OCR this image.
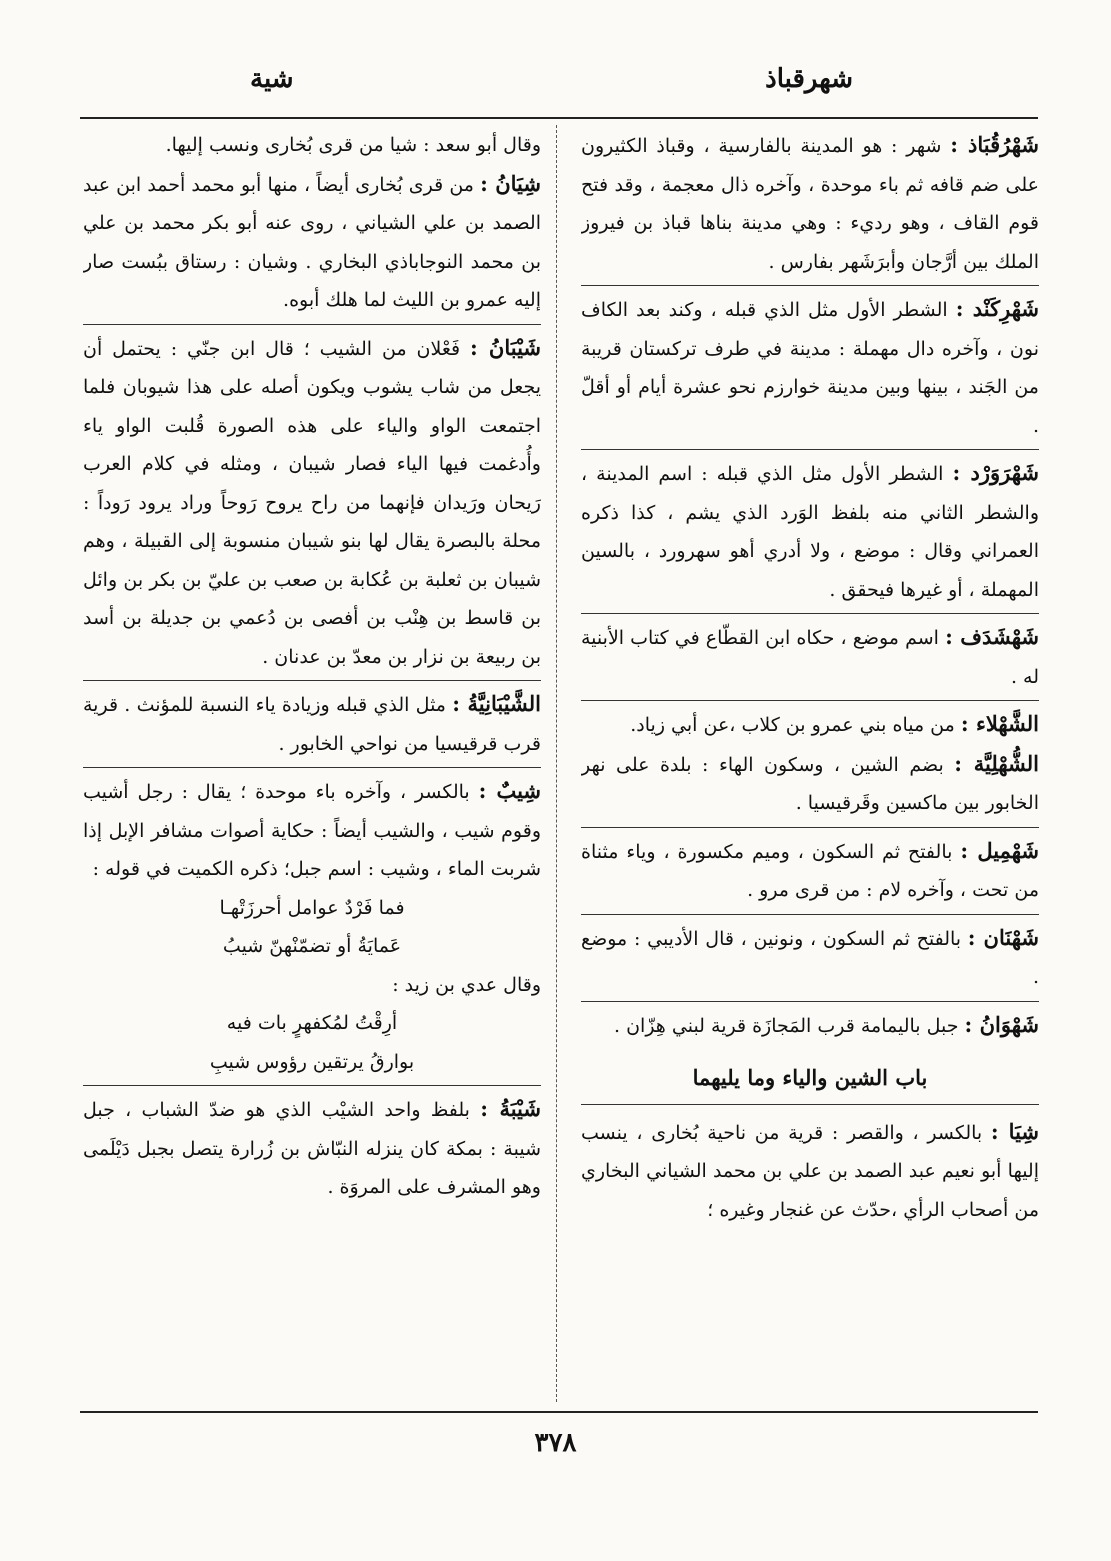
شهرقباذ
شية

شَهْرُقُبَاذ : شهر : هو المدينة بالفارسية ، وقباذ الكثيرون على ضم قافه ثم باء موحدة ، وآخره ذال معجمة ، وقد فتح قوم القاف ، وهو رديء : وهي مدينة بناها قباذ بن فيروز الملك بين أرَّجان وأبرَشَهر بفارس .

شَهْرِكَنْد : الشطر الأول مثل الذي قبله ، وكند بعد الكاف نون ، وآخره دال مهملة : مدينة في طرف تركستان قريبة من الجَند ، بينها وبين مدينة خوارزم نحو عشرة أيام أو أقلّ .

شَهْرَوَرْد : الشطر الأول مثل الذي قبله : اسم المدينة ، والشطر الثاني منه بلفظ الوَرد الذي يشم ، كذا ذكره العمراني وقال : موضع ، ولا أدري أهو سهرورد ، بالسين المهملة ، أو غيرها فيحقق .

شَهْشَدَف : اسم موضع ، حكاه ابن القطّاع في كتاب الأبنية له .

الشَّهْلاء : من مياه بني عمرو بن كلاب ،عن أبي زياد.

الشُّهْلِيَّة : بضم الشين ، وسكون الهاء : بلدة على نهر الخابور بين ماكسين وقَرقيسيا .

شَهْمِيل : بالفتح ثم السكون ، وميم مكسورة ، وياء مثناة من تحت ، وآخره لام : من قرى مرو .

شَهْنَان : بالفتح ثم السكون ، ونونين ، قال الأديبي : موضع .

شَهْوَانُ : جبل باليمامة قرب المَجازَة قرية لبني هِزّان .

باب الشين والياء وما يليهما

شِيَا : بالكسر ، والقصر : قرية من ناحية بُخارى ، ينسب إليها أبو نعيم عبد الصمد بن علي بن محمد الشياني البخاري من أصحاب الرأي ،حدّث عن غنجار وغيره ؛

وقال أبو سعد : شيا من قرى بُخارى ونسب إليها.

شِيَانُ : من قرى بُخارى أيضاً ، منها أبو محمد أحمد ابن عبد الصمد بن علي الشياني ، روى عنه أبو بكر محمد بن علي بن محمد النوجاباذي البخاري . وشيان : رستاق ببُست صار إليه عمرو بن الليث لما هلك أبوه.

شَيْبَانُ : فَعْلان من الشيب ؛ قال ابن جنّي : يحتمل أن يجعل من شاب يشوب ويكون أصله على هذا شيوبان فلما اجتمعت الواو والياء على هذه الصورة قُلبت الواو ياء وأُدغمت فيها الياء فصار شيبان ، ومثله في كلام العرب رَيحان ورَيدان فإنهما من راح يروح رَوحاً وراد يرود رَوداً : محلة بالبصرة يقال لها بنو شيبان منسوبة إلى القبيلة ، وهم شيبان بن ثعلبة بن عُكابة بن صعب بن عليّ بن بكر بن وائل بن قاسط بن هِنْب بن أفصى بن دُعمي بن جديلة بن أسد بن ربيعة بن نزار بن معدّ بن عدنان .

الشَّيْبَانِيَّةُ : مثل الذي قبله وزيادة ياء النسبة للمؤنث . قرية قرب قرقيسيا من نواحي الخابور .

شِيبٌ : بالكسر ، وآخره باء موحدة ؛ يقال : رجل أشيب وقوم شيب ، والشيب أيضاً : حكاية أصوات مشافر الإبل إذا شربت الماء ، وشيب : اسم جبل؛ ذكره الكميت في قوله :
فما فَرْدٌ عوامل أحرزَتْهـا
عَمايَةُ أو تضمّنْهنّ شيبُ
وقال عدي بن زيد :
أرِقْتُ لمُكفهرٍ بات فيه
بوارقُ يرتقين رؤوس شيبِ

شَيْبَةُ : بلفظ واحد الشيْب الذي هو ضدّ الشباب ، جبل شيبة : بمكة كان ينزله النبّاش بن زُرارة يتصل بجبل دَيْلَمى وهو المشرف على المروَة .

٣٧٨
